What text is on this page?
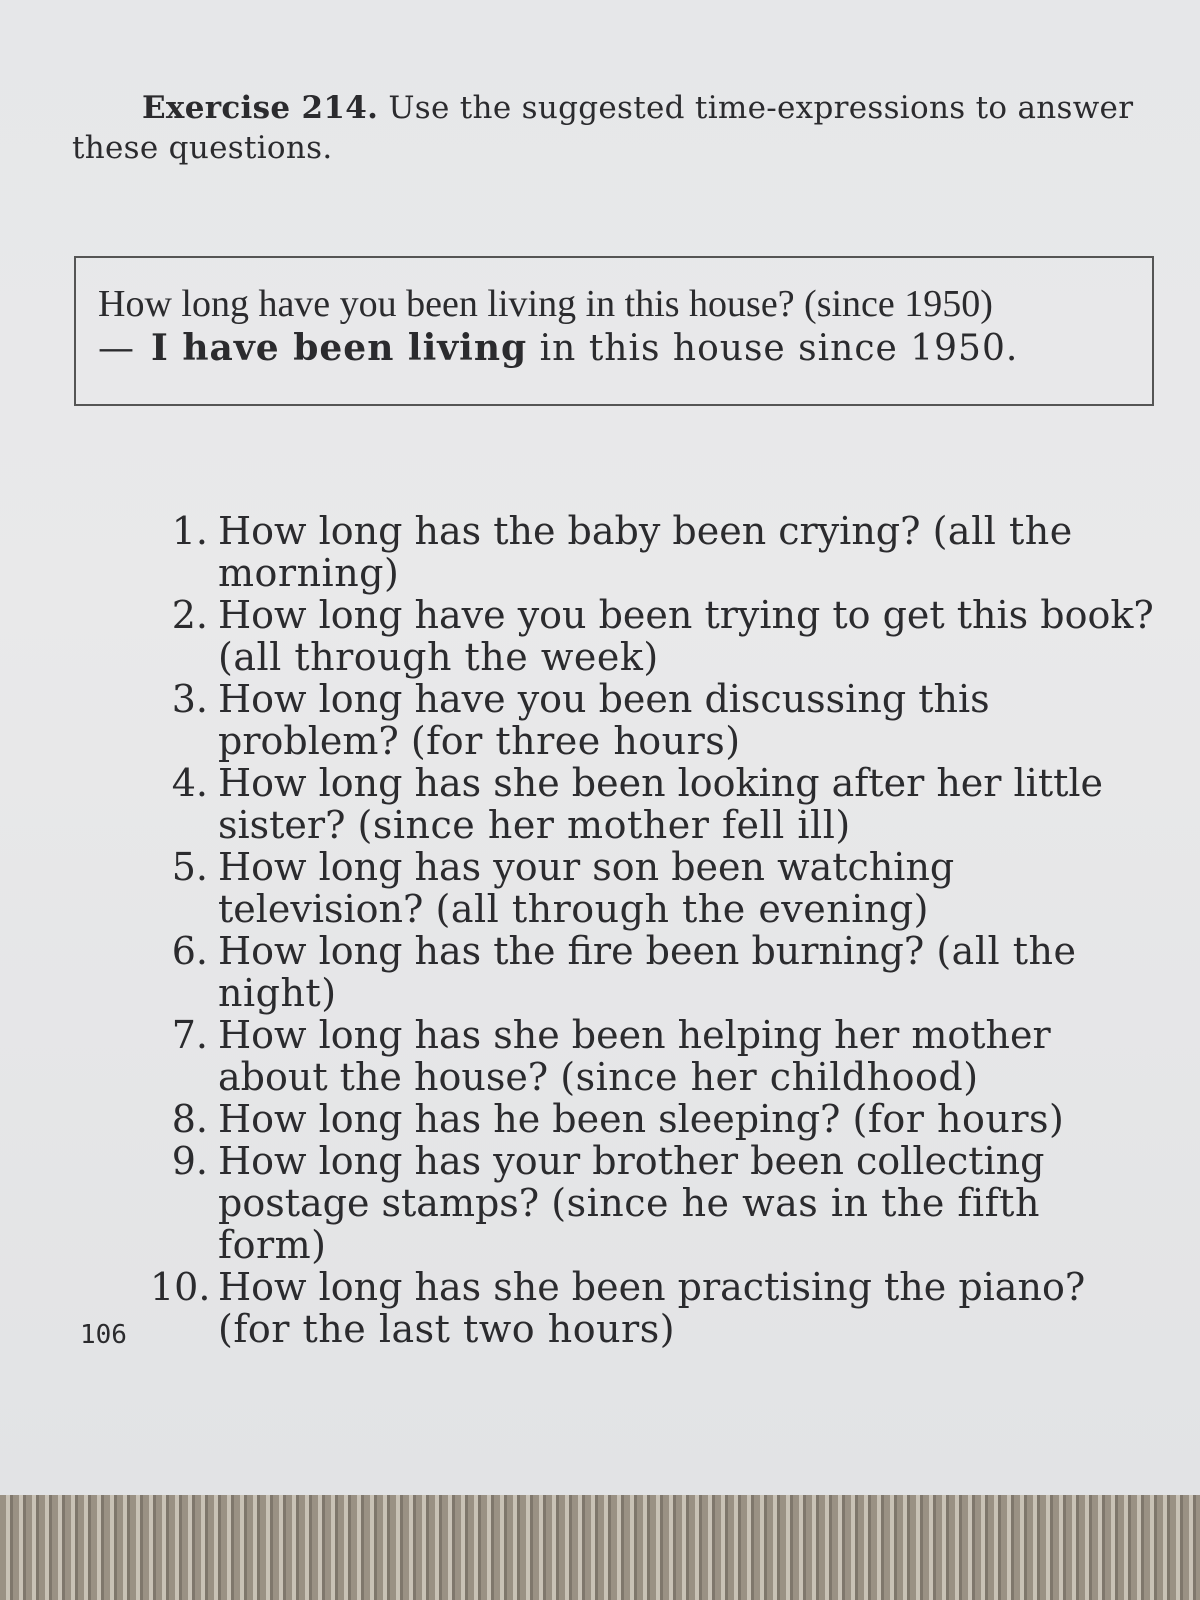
Exercise 214. Use the suggested time-expressions to answer these questions.
How long have you been living in this house? (since 1950)
— I have been living in this house since 1950.
1. How long has the baby been crying? (all the morning)
2. How long have you been trying to get this book? (all through the week)
3. How long have you been discussing this problem? (for three hours)
4. How long has she been looking after her little sister? (since her mother fell ill)
5. How long has your son been watching television? (all through the evening)
6. How long has the fire been burning? (all the night)
7. How long has she been helping her mother about the house? (since her childhood)
8. How long has he been sleeping? (for hours)
9. How long has your brother been collecting postage stamps? (since he was in the fifth form)
10. How long has she been practising the piano? (for the last two hours)
106
